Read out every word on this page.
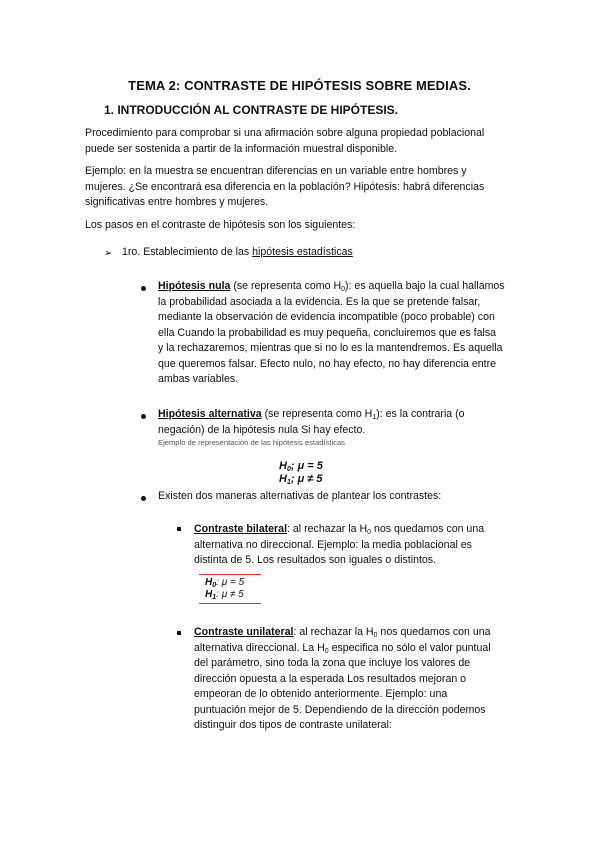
TEMA 2: CONTRASTE DE HIPÓTESIS SOBRE MEDIAS.
1. INTRODUCCIÓN AL CONTRASTE DE HIPÓTESIS.
Procedimiento para comprobar si una afirmación sobre alguna propiedad poblacional
puede ser sostenida a partir de la información muestral disponible.
Ejemplo: en la muestra se encuentran diferencias en un variable entre hombres y
mujeres. ¿Se encontrará esa diferencia en la población? Hipótesis: habrá diferencias
significativas entre hombres y mujeres.
Los pasos en el contraste de hipótesis son los siguientes:
➢ 1ro. Establecimiento de las hipótesis estadísticas
Hipótesis nula (se representa como $H_0$): es aquella bajo la cual hallamos
la probabilidad asociada a la evidencia. Es la que se pretende falsar,
mediante la observación de evidencia incompatible (poco probable) con
ella Cuando la probabilidad es muy pequeña, concluiremos que es falsa
y la rechazaremos, mientras que si no lo es la mantendremos. Es aquella
que queremos falsar. Efecto nulo, no hay efecto, no hay diferencia entre
ambas variables.
Hipótesis alternativa (se representa como $H_1$): es la contraria (o
negación) de la hipótesis nula Si hay efecto.
Ejemplo de representación de las hipótesis estadísticas
$H_0$; μ = 5
$H_1$; μ ≠ 5
Existen dos maneras alternativas de plantear los contrastes:
Contraste bilateral: al rechazar la $H_0$ nos quedamos con una
alternativa no direccional. Ejemplo: la media poblacional es
distinta de 5. Los resultados son iguales o distintos.
$H_0$: μ = 5
$H_1$: μ ≠ 5
Contraste unilateral: al rechazar la $H_0$ nos quedamos con una
alternativa direccional. La $H_0$ especifica no sólo el valor puntual
del parámetro, sino toda la zona que incluye los valores de
dirección opuesta a la esperada Los resultados mejoran o
empeoran de lo obtenido anteriormente. Ejemplo: una
puntuación mejor de 5. Dependiendo de la dirección podemos
distinguir dos tipos de contraste unilateral:
